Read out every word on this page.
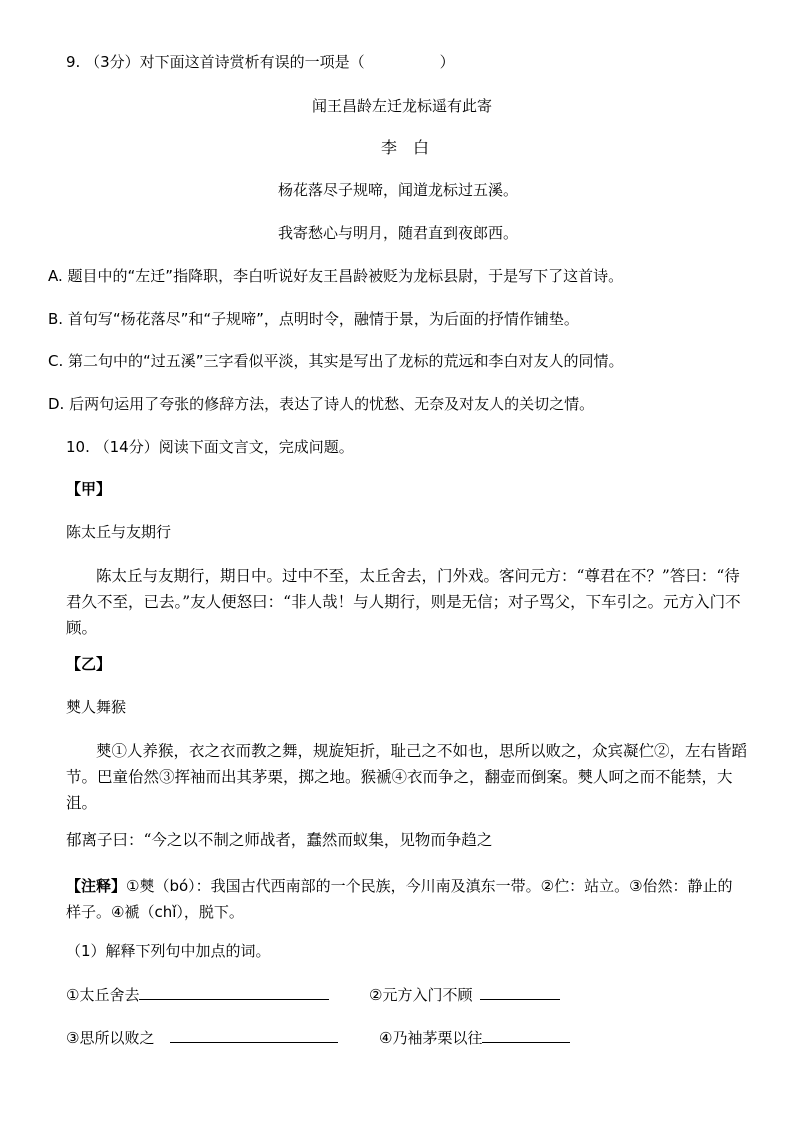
9. （3分）对下面这首诗赏析有误的一项是（　　　　　）
闻王昌龄左迁龙标遥有此寄
李　白
杨花落尽子规啼，闻道龙标过五溪。
我寄愁心与明月，随君直到夜郎西。
A. 题目中的“左迁”指降职，李白听说好友王昌龄被贬为龙标县尉，于是写下了这首诗。
B. 首句写“杨花落尽”和“子规啼”，点明时令，融情于景，为后面的抒情作铺垫。
C. 第二句中的“过五溪”三字看似平淡，其实是写出了龙标的荒远和李白对友人的同情。
D. 后两句运用了夸张的修辞方法，表达了诗人的忧愁、无奈及对友人的关切之情。
10. （14分）阅读下面文言文，完成问题。
【甲】
陈太丘与友期行
陈太丘与友期行，期日中。过中不至，太丘舍去，门外戏。客问元方：“尊君在不？”答曰：“待君久不至，已去。”友人便怒曰：“非人哉！与人期行，则是无信；对子骂父，下车引之。元方入门不顾。
【乙】
僰人舞猴
僰①人养猴，衣之衣而教之舞，规旋矩折，耻己之不如也，思所以败之，众宾凝伫②，左右皆蹈节。巴童佁然③挥袖而出其茅栗，掷之地。猴褫④衣而争之，翻壶而倒案。僰人呵之而不能禁，大沮。
郁离子曰：“今之以不制之师战者，蠢然而蚁集，见物而争趋之
【注释】①僰（bó）：我国古代西南部的一个民族，今川南及滇东一带。②伫：站立。③佁然：静止的样子。④褫（chǐ），脱下。
（1）解释下列句中加点的词。
①太丘舍去	②元方入门不顾
③思所以败之	④乃袖茅栗以往
